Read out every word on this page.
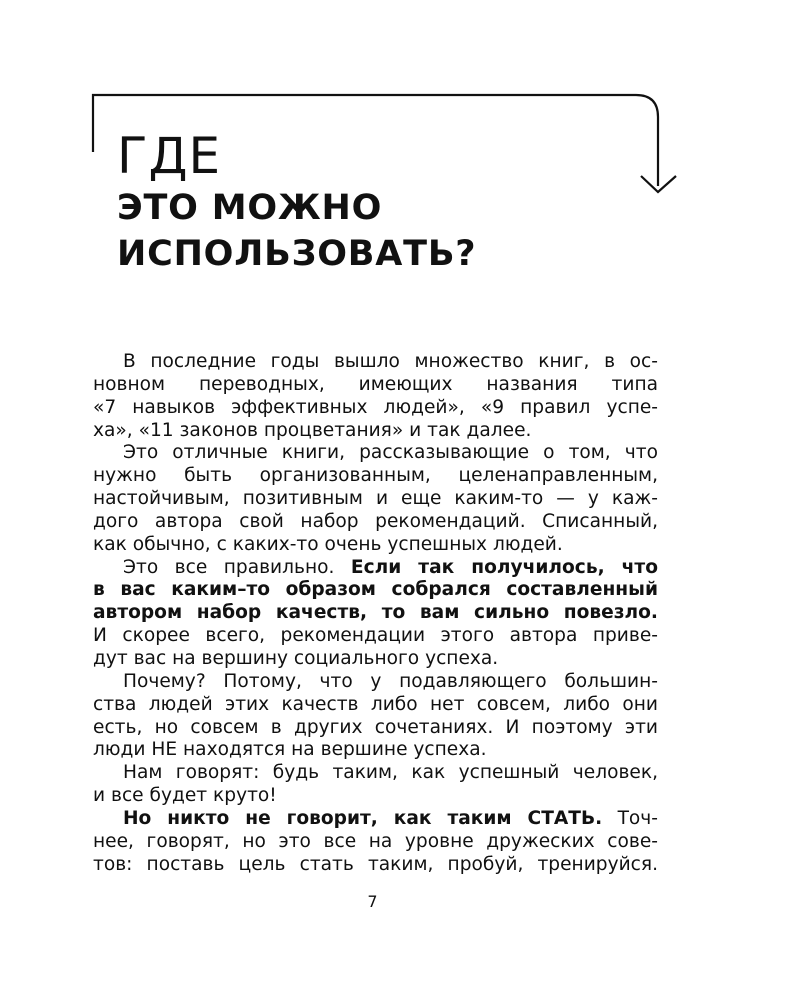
ГДЕ
ЭТО МОЖНО
ИСПОЛЬЗОВАТЬ?
В последние годы вышло множество книг, в ос-
новном переводных, имеющих названия типа
«7 навыков эффективных людей», «9 правил успе-
ха», «11 законов процветания» и так далее.
Это отличные книги, рассказывающие о том, что
нужно быть организованным, целенаправленным,
настойчивым, позитивным и еще каким-то — у каж-
дого автора свой набор рекомендаций. Списанный,
как обычно, с каких-то очень успешных людей.
Это все правильно. Если так получилось, что
в вас каким–то образом собрался составленный
автором набор качеств, то вам сильно повезло.
И скорее всего, рекомендации этого автора приве-
дут вас на вершину социального успеха.
Почему? Потому, что у подавляющего большин-
ства людей этих качеств либо нет совсем, либо они
есть, но совсем в других сочетаниях. И поэтому эти
люди НЕ находятся на вершине успеха.
Нам говорят: будь таким, как успешный человек,
и все будет круто!
Но никто не говорит, как таким СТАТЬ. Точ-
нее, говорят, но это все на уровне дружеских сове-
тов: поставь цель стать таким, пробуй, тренируйся.
7
